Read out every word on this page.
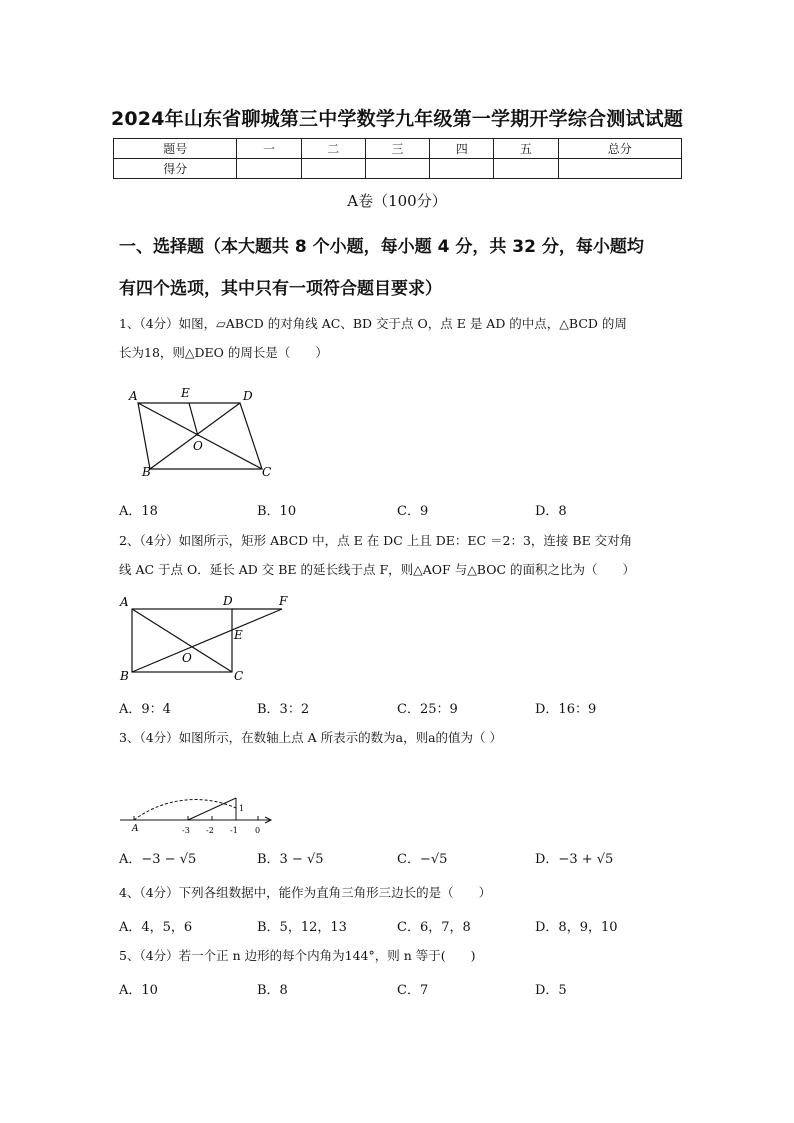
2024年山东省聊城第三中学数学九年级第一学期开学综合测试试题
题号	一	二	三	四	五	总分
得分						
A卷（100分）
一、选择题（本大题共 8 个小题，每小题 4 分，共 32 分，每小题均
有四个选项，其中只有一项符合题目要求）
1、（4分）如图，▱ABCD 的对角线 AC、BD 交于点 O，点 E 是 AD 的中点，△BCD 的周
长为18，则△DEO 的周长是（　　）
A	E	D
O
B	C
A．18	B．10	C．9	D．8
2、（4分）如图所示，矩形 ABCD 中，点 E 在 DC 上且 DE：EC ＝2：3，连接 BE 交对角
线 AC 于点 O．延长 AD 交 BE 的延长线于点 F，则△AOF 与△BOC 的面积之比为（　　）
A	D	F
E
O
B	C
A．9：4	B．3：2	C．25：9	D．16：9
3、（4分）如图所示，在数轴上点 A 所表示的数为a，则a的值为（ ）
A	-3 -2 -1 0
1
A．−3 − √5	B．3 − √5	C．−√5	D．−3 + √5
4、（4分）下列各组数据中，能作为直角三角形三边长的是（　　）
A．4，5，6	B．5，12，13	C．6，7，8	D．8，9，10
5、（4分）若一个正 n 边形的每个内角为144°，则 n 等于(　　)
A．10	B．8	C．7	D．5
